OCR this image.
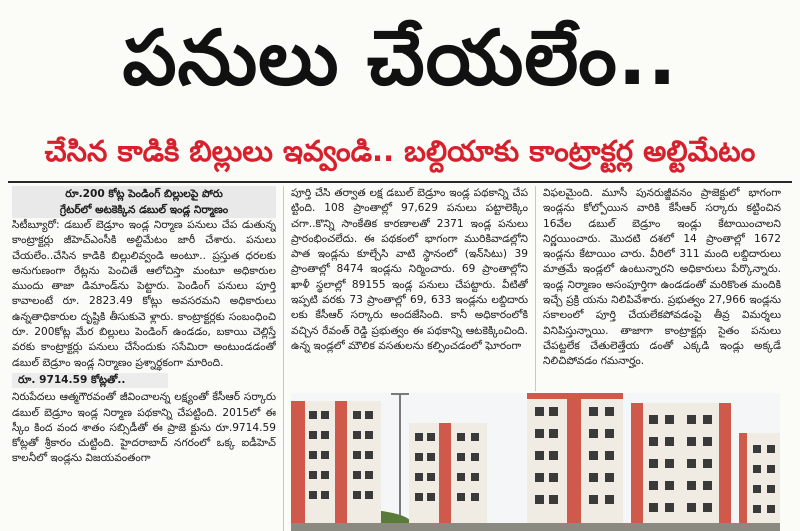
పనులు చేయలేం..
చేసిన కాడికి బిల్లులు ఇవ్వండి.. బల్దియాకు కాంట్రాక్టర్ల అల్టిమేటం

రూ.200 కోట్ల పెండింగ్ బిల్లులపై పోరు

గ్రేటర్‌లో అటకెక్కిన డబుల్ ఇండ్ల నిర్మాణం

సిటీబ్యూరో: డబుల్ బెడ్రూం ఇండ్ల నిర్మాణ పనులు చేప డుతున్న కాంట్రాక్టర్లు జీహెచ్ఎంసీకి అల్టిమేటం జారీ చేశారు. పనులు చేయలేం..చేసిన కాడికి బిల్లులివ్వండి అంటూ.. ప్రస్తుత ధరలకు అనుగుణంగా రేట్లను పెంచితే ఆలోచిస్తా మంటూ అధికారుల ముందు తాజా డిమాండ్‌ను పెట్టారు. పెండింగ్ పనులు పూర్తి కావాలంటే రూ. 2823.49 కోట్లు అవసరమని అధికారులు ఉన్నతాధికారుల దృష్టికి తీసుకువె ళ్లారు. కాంట్రాక్టర్లకు సంబంధించి రూ. 200కోట్ల మేర బిల్లులు పెండింగ్ ఉండడం, బకాయి చెల్లిస్తే వరకు కాంట్రాక్టర్లు పనులు చేసేందుకు ససేమిరా అంటుండడంతో డబుల్ బెడ్రూం ఇండ్ల నిర్మాణం ప్రశ్నార్థకంగా మారింది.

రూ. 9714.59 కోట్లతో..

నిరుపేదలు ఆత్మగౌరవంతో జీవించాలన్న లక్ష్యంతో కేసీఆర్ సర్కారు డబుల్ బెడ్రూం ఇండ్ల నిర్మాణ పథకాన్ని చేపట్టింది. 2015లో ఈ స్కీం కింద వంద శాతం సబ్సిడీతో ఈ ప్రాజె క్టును రూ.9714.59 కోట్లతో శ్రీకారం చుట్టింది. హైదరాబాద్ నగరంలో ఒక్క ఐడీహెచ్ కాలనీలో ఇండ్లను విజయవంతంగా

పూర్తి చేసి తర్వాత లక్ష డబుల్ బెడ్రూం ఇండ్ల పథకాన్ని చేప ట్టింది. 108 ప్రాంతాల్లో 97,629 పనులు పట్టాలెక్కిం చగా..కొన్ని సాంకేతిక కారణాలతో 2371 ఇండ్ల పనులు ప్రారంభించలేదు. ఈ పథకంలో భాగంగా మురికివాడల్లోని పాత ఇండ్లను కూల్చేసి వాటి స్థానంలో (ఇన్‌సిటు) 39 ప్రాంతాల్లో 8474 ఇండ్లను నిర్మించారు. 69 ప్రాంతాల్లోని ఖాళీ స్థలాల్లో 89155 ఇండ్ల పనులు చేపట్టారు. వీటితో ఇప్పటి వరకు 73 ప్రాంతాల్లో 69, 633 ఇండ్లను లబ్దిదారు లకు కేసీఆర్ సర్కారు అందజేసింది. కానీ అధికారంలోకి వచ్చిన రేవంత్ రెడ్డి ప్రభుత్వం ఈ పథకాన్ని ఆటకెక్కించింది. ఉన్న ఇండ్లలో మౌలిక వసతులను కల్పించడంలో ఘోరంగా

విఫలమైంది. మూసీ పునరుజ్జీవనం ప్రాజెక్టులో భాగంగా ఇండ్లను కోల్పోయిన వారికి కేసీఆర్ సర్కారు కట్టించిన 16వేల డబుల్ బెడ్రూం ఇండ్లు కేటాయించాలని నిర్ణయించారు. మొదటి దశలో 14 ప్రాంతాల్లో 1672 ఇండ్లను కేటాయిం చారు. వీరిలో 311 మంది లబ్దిదారులు మాత్రమే ఇండ్లలో ఉంటున్నారని అధికారులు పేర్కొన్నారు. ఇండ్ల నిర్మాణం అసంపూర్తిగా ఉండడంతో మరికొంత మందికి ఇచ్చే ప్రక్రి యను నిలిపివేశారు. ప్రభుత్వం 27,966 ఇండ్లను సకాలంలో పూర్తి చేయలేకపోవడంపై తీవ్ర విమర్శలు వినిపిస్తున్నాయి. తాజాగా కాంట్రాక్టర్లు సైతం పనులు చేపట్టలేక చేతులెత్తేయ డంతో ఎక్కడి ఇండ్లు అక్కడే నిలిచిపోవడం గమనార్హం.
